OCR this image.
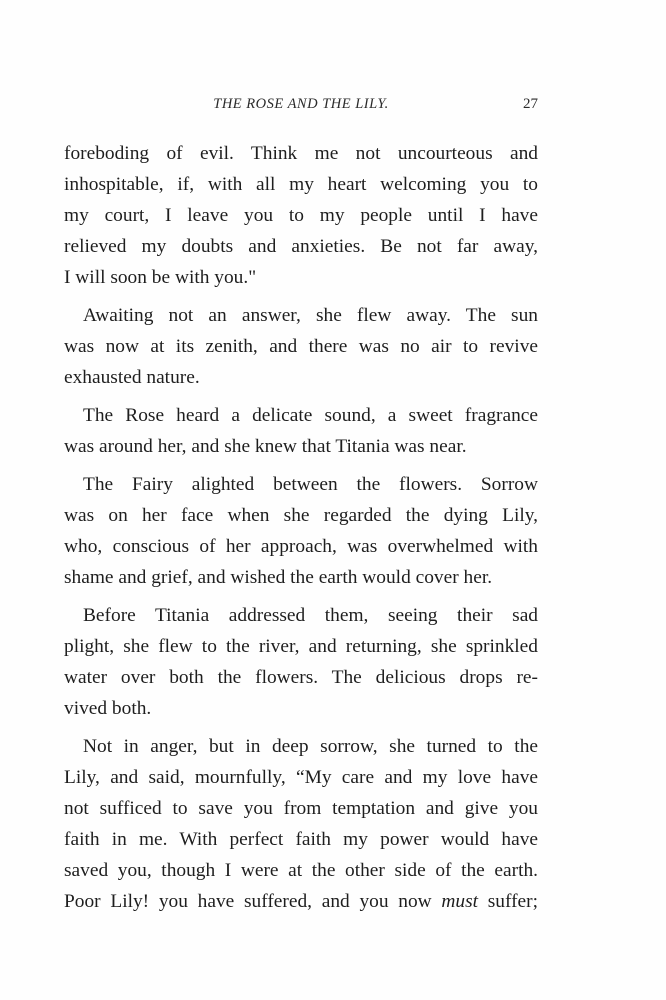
THE ROSE AND THE LILY.	27
foreboding of evil. Think me not uncourteous and
inhospitable, if, with all my heart welcoming you to
my court, I leave you to my people until I have
relieved my doubts and anxieties. Be not far away,
I will soon be with you."
Awaiting not an answer, she flew away. The sun
was now at its zenith, and there was no air to revive
exhausted nature.
The Rose heard a delicate sound, a sweet fragrance
was around her, and she knew that Titania was near.
The Fairy alighted between the flowers. Sorrow
was on her face when she regarded the dying Lily,
who, conscious of her approach, was overwhelmed with
shame and grief, and wished the earth would cover her.
Before Titania addressed them, seeing their sad
plight, she flew to the river, and returning, she sprinkled
water over both the flowers. The delicious drops re-
vived both.
Not in anger, but in deep sorrow, she turned to the
Lily, and said, mournfully, “My care and my love have
not sufficed to save you from temptation and give you
faith in me. With perfect faith my power would have
saved you, though I were at the other side of the earth.
Poor Lily! you have suffered, and you now must suffer;
